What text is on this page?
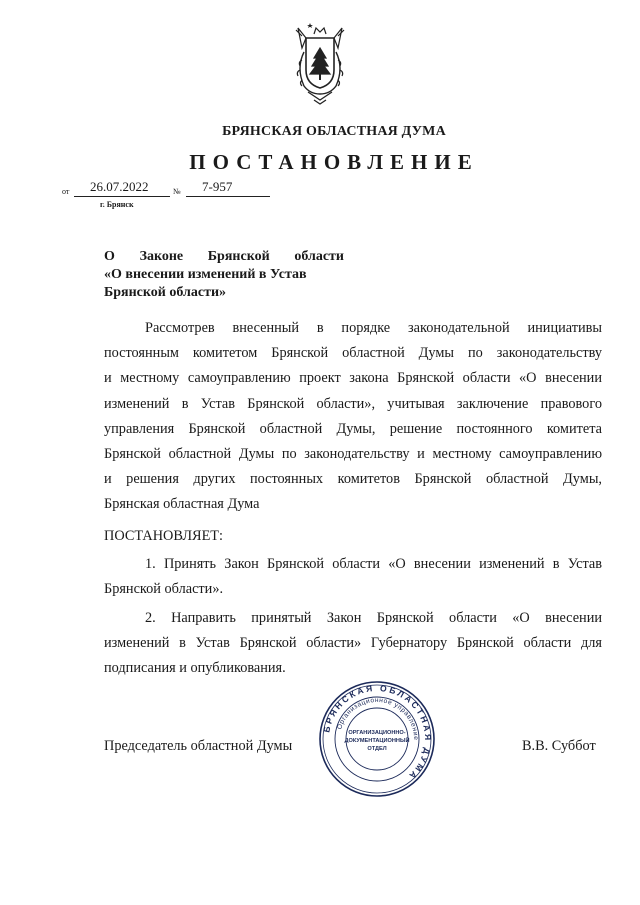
БРЯНСКАЯ ОБЛАСТНАЯ ДУМА
ПОСТАНОВЛЕНИЕ
от 26.07.2022	№ 7-957
г. Брянск
О Законе Брянской области
«О внесении изменений в Устав
Брянской области»
Рассмотрев внесенный в порядке законодательной инициативы
постоянным комитетом Брянской областной Думы по законодательству
и местному самоуправлению проект закона Брянской области «О внесении
изменений в Устав Брянской области», учитывая заключение правового
управления Брянской областной Думы, решение постоянного комитета
Брянской областной Думы по законодательству и местному самоуправлению
и решения других постоянных комитетов Брянской областной Думы,
Брянская областная Дума
ПОСТАНОВЛЯЕТ:
1. Принять Закон Брянской области «О внесении изменений в Устав
Брянской области».
2. Направить принятый Закон Брянской области «О внесении
изменений в Устав Брянской области» Губернатору Брянской области для
подписания и опубликования.
Председатель областной Думы	В.В. Суббот
БРЯНСКАЯ ОБЛАСТНАЯ ДУМА
Организационное управление
ОРГАНИЗАЦИОННО-
ДОКУМЕНТАЦИОННЫЙ
ОТДЕЛ
